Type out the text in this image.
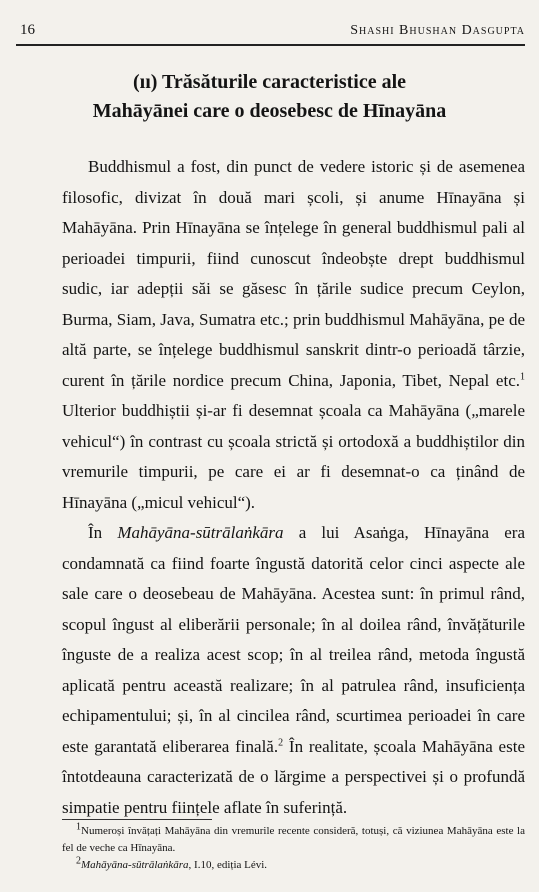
16	Shashi Bhushan Dasgupta
(ıı) Trăsăturile caracteristice ale
Mahāyānei care o deosebesc de Hīnayāna

Buddhismul a fost, din punct de vedere istoric și de asemenea filosofic, divizat în două mari școli, și anume Hīnayāna și Mahāyāna. Prin Hīnayāna se înțelege în general buddhismul pali al perioadei timpurii, fiind cunoscut îndeobște drept buddhismul sudic, iar adepții săi se găsesc în țările sudice precum Ceylon, Burma, Siam, Java, Sumatra etc.; prin buddhismul Mahāyāna, pe de altă parte, se înțelege buddhismul sanskrit dintr-o perioadă târzie, curent în țările nordice precum China, Japonia, Tibet, Nepal etc.$^1$ Ulterior buddhiștii și-ar fi desemnat școala ca Mahāyāna („marele vehicul“) în contrast cu școala strictă și ortodoxă a buddhiștilor din vremurile timpurii, pe care ei ar fi desemnat-o ca ținând de Hīnayāna („micul vehicul“).

În Mahāyāna-sūtrālaṅkāra a lui Asaṅga, Hīnayāna era condamnată ca fiind foarte îngustă datorită celor cinci aspecte ale sale care o deosebeau de Mahāyāna. Acestea sunt: în primul rând, scopul îngust al eliberării personale; în al doilea rând, învățăturile înguste de a realiza acest scop; în al treilea rând, metoda îngustă aplicată pentru această realizare; în al patrulea rând, insuficiența echipamentului; și, în al cincilea rând, scurtimea perioadei în care este garantată eliberarea finală.$^2$ În realitate, școala Mahāyāna este întotdeauna caracterizată de o lărgime a perspectivei și o profundă simpatie pentru ființele aflate în suferință.

$^1$Numeroși învățați Mahāyāna din vremurile recente consideră, totuși, că viziunea Mahāyāna este la fel de veche ca Hīnayāna.

$^2$Mahāyāna-sūtrālaṅkāra, I.10, ediția Lévi.
